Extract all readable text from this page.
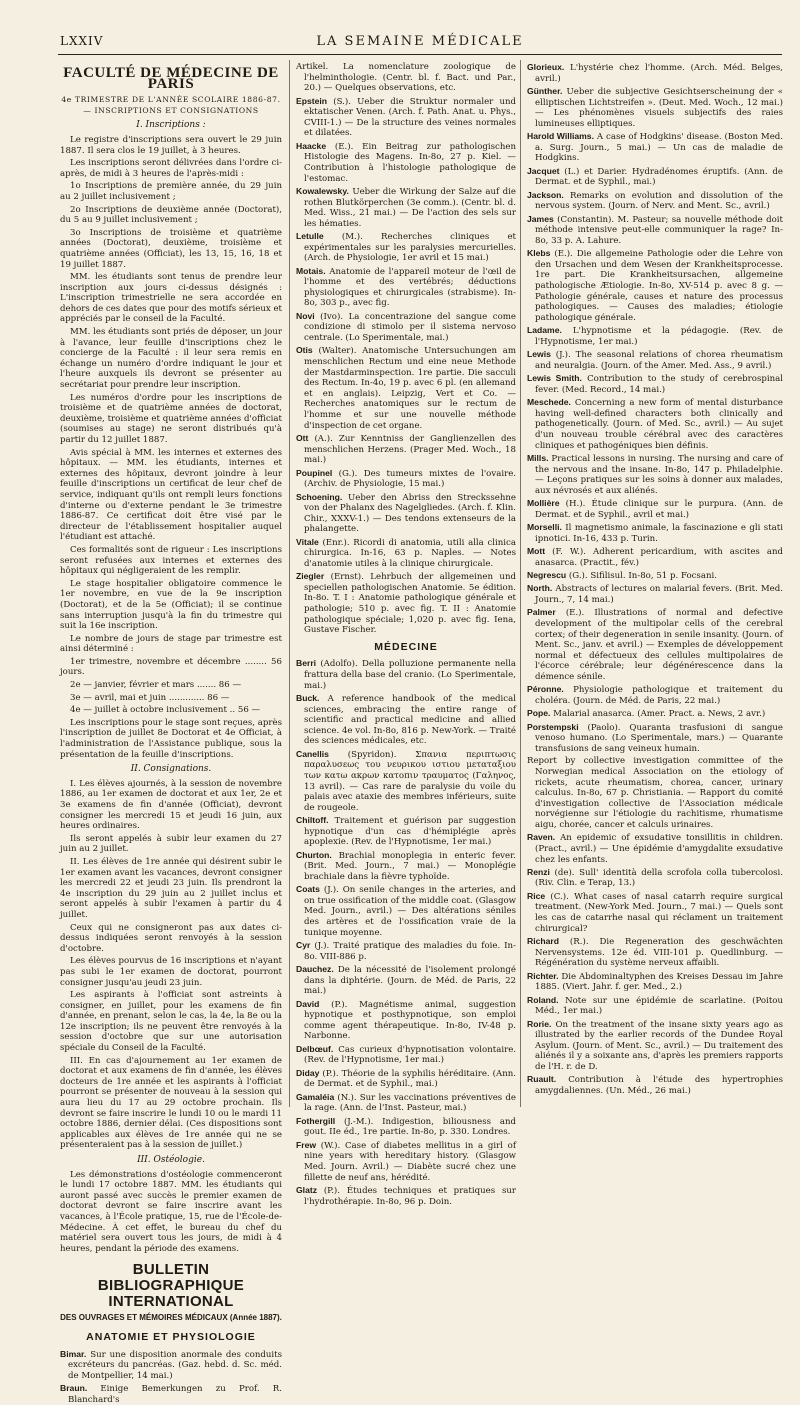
LXXIV	LA SEMAINE MÉDICALE
FACULTÉ DE MÉDECINE DE PARIS
4e TRIMESTRE DE L'ANNÉE SCOLAIRE 1886-87. — INSCRIPTIONS ET CONSIGNATIONS
I. Inscriptions :

Le registre d'inscriptions sera ouvert le 29 juin 1887. Il sera clos le 19 juillet, à 3 heures.

Les inscriptions seront délivrées dans l'ordre ci-après, de midi à 3 heures de l'après-midi :

1o Inscriptions de première année, du 29 juin au 2 juillet inclusivement ;

2o Inscriptions de deuxième année (Doctorat), du 5 au 9 juillet inclusivement ;

3o Inscriptions de troisième et quatrième années (Doctorat), deuxième, troisième et quatrième années (Officiat), les 13, 15, 16, 18 et 19 juillet 1887.

MM. les étudiants sont tenus de prendre leur inscription aux jours ci-dessus désignés : L'inscription trimestrielle ne sera accordée en dehors de ces dates que pour des motifs sérieux et appréciés par le conseil de la Faculté.

MM. les étudiants sont priés de déposer, un jour à l'avance, leur feuille d'inscriptions chez le concierge de la Faculté : il leur sera remis en échange un numéro d'ordre indiquant le jour et l'heure auxquels ils devront se présenter au secrétariat pour prendre leur inscription.

Les numéros d'ordre pour les inscriptions de troisième et de quatrième années de doctorat, deuxième, troisième et quatrième années d'officiat (soumises au stage) ne seront distribués qu'à partir du 12 juillet 1887.

Avis spécial à MM. les internes et externes des hôpitaux. — MM. les étudiants, internes et externes des hôpitaux, devront joindre à leur feuille d'inscriptions un certificat de leur chef de service, indiquant qu'ils ont rempli leurs fonctions d'interne ou d'externe pendant le 3e trimestre 1886-87. Ce certificat doit être visé par le directeur de l'établissement hospitalier auquel l'étudiant est attaché.

Ces formalités sont de rigueur : Les inscriptions seront refusées aux internes et externes des hôpitaux qui négligeraient de les remplir.

Le stage hospitalier obligatoire commence le 1er novembre, en vue de la 9e inscription (Doctorat), et de la 5e (Officiat); il se continue sans interruption jusqu'à la fin du trimestre qui suit la 16e inscription.

Le nombre de jours de stage par trimestre est ainsi déterminé :

1er trimestre, novembre et décembre ........ 56 jours.

2e — janvier, février et mars ....... 86 —

3e — avril, mai et juin ............. 86 —

4e — juillet à octobre inclusivement .. 56 —

Les inscriptions pour le stage sont reçues, après l'inscription de juillet 8e Doctorat et 4e Officiat, à l'administration de l'Assistance publique, sous la présentation de la feuille d'inscriptions.

II. Consignations.

I. Les élèves ajournés, à la session de novembre 1886, au 1er examen de doctorat et aux 1er, 2e et 3e examens de fin d'année (Officiat), devront consigner les mercredi 15 et jeudi 16 juin, aux heures ordinaires.

Ils seront appelés à subir leur examen du 27 juin au 2 juillet.

II. Les élèves de 1re année qui désirent subir le 1er examen avant les vacances, devront consigner les mercredi 22 et jeudi 23 juin. Ils prendront la 4e inscription du 29 juin au 2 juillet inclus et seront appelés à subir l'examen à partir du 4 juillet.

Ceux qui ne consigneront pas aux dates ci-dessus indiquées seront renvoyés à la session d'octobre.

Les élèves pourvus de 16 inscriptions et n'ayant pas subi le 1er examen de doctorat, pourront consigner jusqu'au jeudi 23 juin.

Les aspirants à l'officiat sont astreints à consigner, en juillet, pour les examens de fin d'année, en prenant, selon le cas, la 4e, la 8e ou la 12e inscription; ils ne peuvent être renvoyés à la session d'octobre que sur une autorisation spéciale du Conseil de la Faculté.

III. En cas d'ajournement au 1er examen de doctorat et aux examens de fin d'année, les élèves docteurs de 1re année et les aspirants à l'officiat pourront se présenter de nouveau à la session qui aura lieu du 17 au 29 octobre prochain. Ils devront se faire inscrire le lundi 10 ou le mardi 11 octobre 1886, dernier délai. (Ces dispositions sont applicables aux élèves de 1re année qui ne se présenteraient pas à la session de juillet.)

III. Ostéologie.

Les démonstrations d'ostéologie commenceront le lundi 17 octobre 1887. MM. les étudiants qui auront passé avec succès le premier examen de doctorat devront se faire inscrire avant les vacances, à l'École pratique, 15, rue de l'École-de-Médecine. À cet effet, le bureau du chef du matériel sera ouvert tous les jours, de midi à 4 heures, pendant la période des examens.

BULLETIN BIBLIOGRAPHIQUE INTERNATIONAL
DES OUVRAGES ET MÉMOIRES MÉDICAUX (Année 1887).
ANATOMIE ET PHYSIOLOGIE
Bimar. Sur une disposition anormale des conduits excréteurs du pancréas. (Gaz. hebd. d. Sc. méd. de Montpellier, 14 mai.)
Braun. Einige Bemerkungen zu Prof. R. Blanchard's
Artikel. La nomenclature zoologique de l'helminthologie. (Centr. bl. f. Bact. und Par., 20.) — Quelques observations, etc.
Epstein (S.). Ueber die Struktur normaler und ektatischer Venen. (Arch. f. Path. Anat. u. Phys., CVIII-1.) — De la structure des veines normales et dilatées.
Haacke (E.). Ein Beitrag zur pathologischen Histologie des Magens. In-8o, 27 p. Kiel. — Contribution à l'histologie pathologique de l'estomac.
Kowalewsky. Ueber die Wirkung der Salze auf die rothen Blutkörperchen (3e comm.). (Centr. bl. d. Med. Wiss., 21 mai.) — De l'action des sels sur les hématies.
Letulle (M.). Recherches cliniques et expérimentales sur les paralysies mercurielles. (Arch. de Physiologie, 1er avril et 15 mai.)
Motais. Anatomie de l'appareil moteur de l'œil de l'homme et des vertébrés; déductions physiologiques et chirurgicales (strabisme). In-8o, 303 p., avec fig.
Novi (Ivo). La concentrazione del sangue come condizione di stimolo per il sistema nervoso centrale. (Lo Sperimentale, mai.)
Otis (Walter). Anatomische Untersuchungen am menschlichen Rectum und eine neue Methode der Mastdarminspection. 1re partie. Die sacculi des Rectum. In-4o, 19 p. avec 6 pl. (en allemand et en anglais). Leipzig, Vert et Co. — Recherches anatomiques sur le rectum de l'homme et sur une nouvelle méthode d'inspection de cet organe.
Ott (A.). Zur Kenntniss der Ganglienzellen des menschlichen Herzens. (Prager Med. Woch., 18 mai.)
Poupinel (G.). Des tumeurs mixtes de l'ovaire. (Archiv. de Physiologie, 15 mai.)
Schoening. Ueber den Abriss den Streckssehne von der Phalanx des Nagelgliedes. (Arch. f. Klin. Chir., XXXV-1.) — Des tendons extenseurs de la phalangette.
Vitale (Enr.). Ricordi di anatomia, utili alla clinica chirurgica. In-16, 63 p. Naples. — Notes d'anatomie utiles à la clinique chirurgicale.
Ziegler (Ernst). Lehrbuch der allgemeinen und speciellen pathologischen Anatomie. 5e édition. In-8o. T. I : Anatomie pathologique générale et pathologie; 510 p. avec fig. T. II : Anatomie pathologique spéciale; 1,020 p. avec fig. Iena, Gustave Fischer.
MÉDECINE
Berri (Adolfo). Della polluzione permanente nella frattura della base del cranio. (Lo Sperimentale, mai.)
Buck. A reference handbook of the medical sciences, embracing the entire range of scientific and practical medicine and allied science. 4e vol. In-8o, 816 p. New-York. — Traité des sciences médicales, etc.
Canellis (Spyridon). Σπανια περιπτωσις παραλυσεως του νευρικου ιστιου μεταταξιου των κατω ακρων κατοπιν τραυματος (Γαληνος, 13 avril). — Cas rare de paralysie du voile du palais avec ataxie des membres inférieurs, suite de rougeole.
Chiltoff. Traitement et guérison par suggestion hypnotique d'un cas d'hémiplégie après apoplexie. (Rev. de l'Hypnotisme, 1er mai.)
Churton. Brachial monoplegia in enteric fever. (Brit. Med. Journ., 7 mai.) — Monoplégie brachiale dans la fièvre typhoïde.
Coats (J.). On senile changes in the arteries, and on true ossification of the middle coat. (Glasgow Med. Journ., avril.) — Des altérations séniles des artères et de l'ossification vraie de la tunique moyenne.
Cyr (J.). Traité pratique des maladies du foie. In-8o. VIII-886 p.
Dauchez. De la nécessité de l'isolement prolongé dans la diphtérie. (Journ. de Méd. de Paris, 22 mai.)
David (P.). Magnétisme animal, suggestion hypnotique et posthypnotique, son emploi comme agent thérapeutique. In-8o, IV-48 p. Narbonne.
Delbœuf. Cas curieux d'hypnotisation volontaire. (Rev. de l'Hypnotisme, 1er mai.)
Diday (P.). Théorie de la syphilis héréditaire. (Ann. de Dermat. et de Syphil., mai.)
Gamaléia (N.). Sur les vaccinations préventives de la rage. (Ann. de l'Inst. Pasteur, mai.)
Fothergill (J.-M.). Indigestion, biliousness and gout. IIe éd., 1re partie. In-8o, p. 330. Londres.
Frew (W.). Case of diabetes mellitus in a girl of nine years with hereditary history. (Glasgow Med. Journ. Avril.) — Diabète sucré chez une fillette de neuf ans, hérédité.
Glatz (P.). Études techniques et pratiques sur l'hydrothérapie. In-8o, 96 p. Doin.
Glorieux. L'hystérie chez l'homme. (Arch. Méd. Belges, avril.)
Günther. Ueber die subjective Gesichtserscheinung der « elliptischen Lichtstreifen ». (Deut. Med. Woch., 12 mai.) — Les phénomènes visuels subjectifs des raies lumineuses elliptiques.
Harold Williams. A case of Hodgkins' disease. (Boston Med. a. Surg. Journ., 5 mai.) — Un cas de maladie de Hodgkins.
Jacquet (L.) et Darier. Hydradénomes éruptifs. (Ann. de Dermat. et de Syphil., mai.)
Jackson. Remarks on evolution and dissolution of the nervous system. (Journ. of Nerv. and Ment. Sc., avril.)
James (Constantin). M. Pasteur; sa nouvelle méthode doit méthode intensive peut-elle communiquer la rage? In-8o, 33 p. A. Lahure.
Klebs (E.). Die allgemeine Pathologie oder die Lehre von den Ursachen und dem Wesen der Krankheitsprocesse. 1re part. Die Krankheitsursachen, allgemeine pathologische Ætiologie. In-8o, XV-514 p. avec 8 g. — Pathologie générale, causes et nature des processus pathologiques. — Causes des maladies; étiologie pathologique générale.
Ladame. L'hypnotisme et la pédagogie. (Rev. de l'Hypnotisme, 1er mai.)
Lewis (J.). The seasonal relations of chorea rheumatism and neuralgia. (Journ. of the Amer. Med. Ass., 9 avril.)
Lewis Smith. Contribution to the study of cerebrospinal fever. (Med. Record., 14 mai.)
Meschede. Concerning a new form of mental disturbance having well-defined characters both clinically and pathogenetically. (Journ. of Med. Sc., avril.) — Au sujet d'un nouveau trouble cérébral avec des caractères cliniques et pathogéniques bien définis.
Mills. Practical lessons in nursing. The nursing and care of the nervous and the insane. In-8o, 147 p. Philadelphie. — Leçons pratiques sur les soins à donner aux malades, aux névrosés et aux aliénés.
Mollière (H.). Étude clinique sur le purpura. (Ann. de Dermat. et de Syphil., avril et mai.)
Morselli. Il magnetismo animale, la fascinazione e gli stati ipnotici. In-16, 433 p. Turin.
Mott (F. W.). Adherent pericardium, with ascites and anasarca. (Practit., fév.)
Negrescu (G.). Sifilisul. In-8o, 51 p. Focsani.
North. Abstracts of lectures on malarial fevers. (Brit. Med. Journ., 7, 14 mai.)
Palmer (E.). Illustrations of normal and defective development of the multipolar cells of the cerebral cortex; of their degeneration in senile insanity. (Journ. of Ment. Sc., janv. et avril.) — Exemples de développement normal et défectueux des cellules multipolaires de l'écorce cérébrale; leur dégénérescence dans la démence sénile.
Péronne. Physiologie pathologique et traitement du choléra. (Journ. de Méd. de Paris, 22 mai.)
Pope. Malarial anasarca. (Amer. Pract. a. News, 2 avr.)
Porstempski (Paolo). Quaranta trasfusioni di sangue venoso humano. (Lo Sperimentale, mars.) — Quarante transfusions de sang veineux humain.
Report by collective investigation committee of the Norwegian medical Association on the etiology of rickets, acute rheumatism, chorea, cancer, urinary calculus. In-8o, 67 p. Christiania. — Rapport du comité d'investigation collective de l'Association médicale norvégienne sur l'étiologie du rachitisme, rhumatisme aigu, chorée, cancer et calculs urinaires.
Raven. An epidemic of exsudative tonsillitis in children. (Pract., avril.) — Une épidémie d'amygdalite exsudative chez les enfants.
Renzi (de). Sull' identità della scrofola colla tubercolosi. (Riv. Clin. e Terap, 13.)
Rice (C.). What cases of nasal catarrh require surgical treatment. (New-York Med. Journ., 7 mai.) — Quels sont les cas de catarrhe nasal qui réclament un traitement chirurgical?
Richard (R.). Die Regeneration des geschwächten Nervensystems. 12e éd. VIII-101 p. Quedlinburg. — Régénération du système nerveux affaibli.
Richter. Die Abdominaltyphen des Kreises Dessau im Jahre 1885. (Viert. Jahr. f. ger. Med., 2.)
Roland. Note sur une épidémie de scarlatine. (Poitou Méd., 1er mai.)
Rorie. On the treatment of the insane sixty years ago as illustrated by the earlier records of the Dundee Royal Asylum. (Journ. of Ment. Sc., avril.) — Du traitement des aliénés il y a soixante ans, d'après les premiers rapports de l'H. r. de D.
Ruault. Contribution à l'étude des hypertrophies amygdaliennes. (Un. Méd., 26 mai.)
